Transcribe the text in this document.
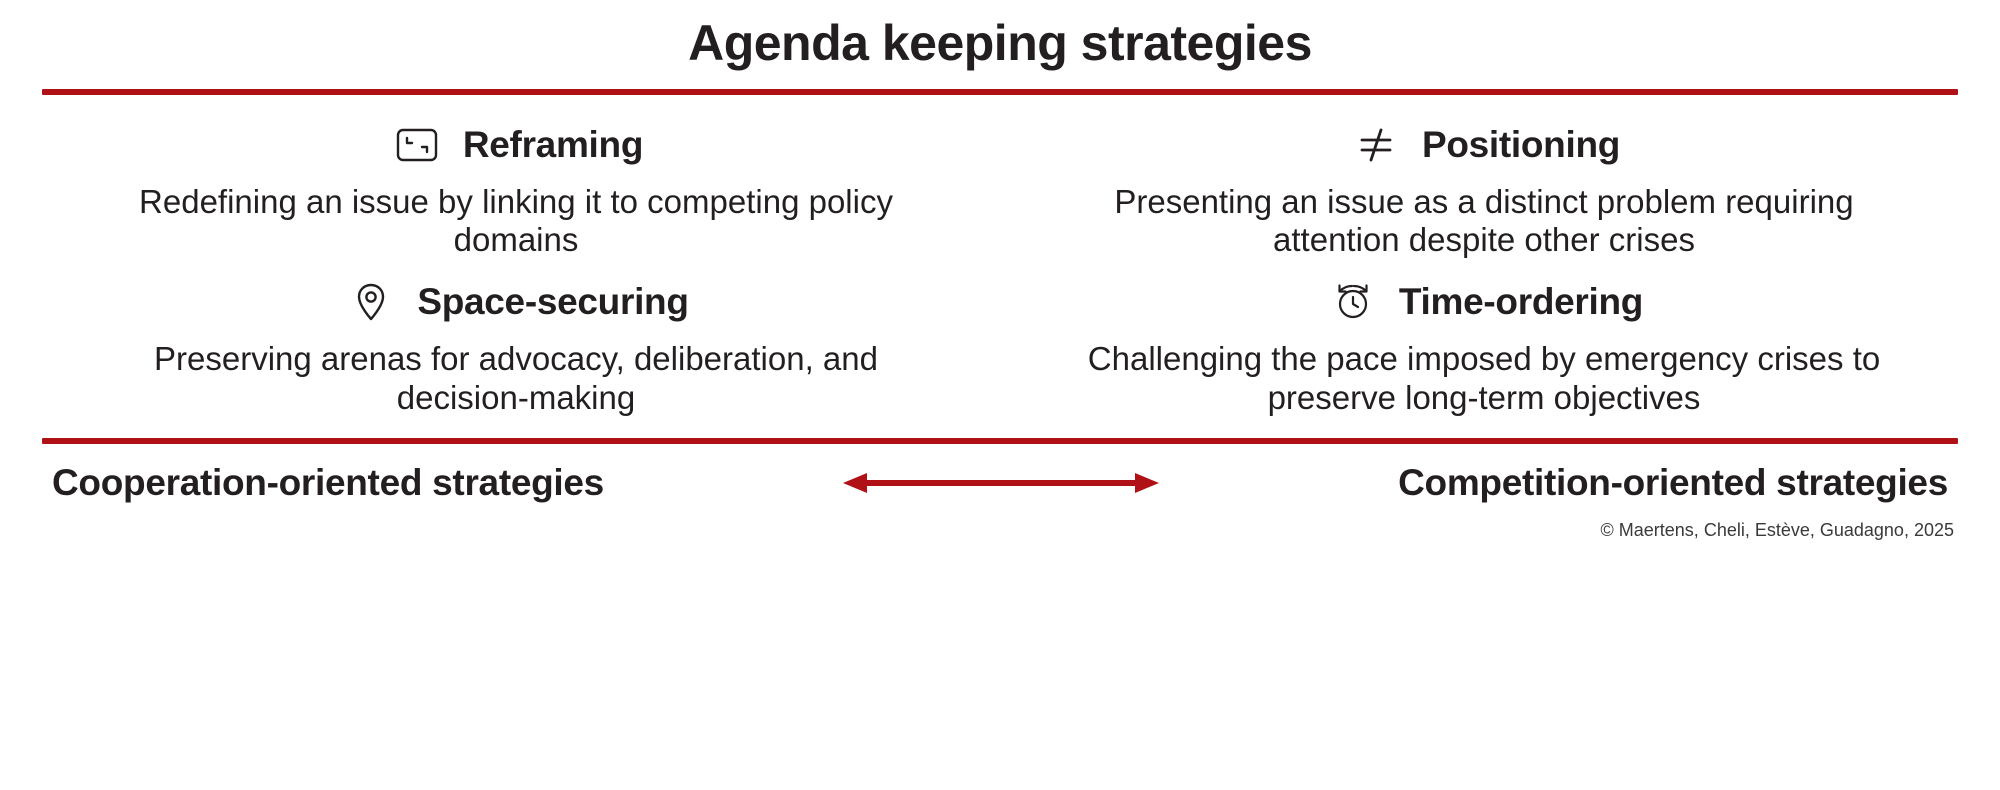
Agenda keeping strategies
Reframing
Redefining an issue by linking it to competing policy domains
Positioning
Presenting an issue as a distinct problem requiring attention despite other crises
Space-securing
Preserving arenas for advocacy, deliberation, and decision-making
Time-ordering
Challenging the pace imposed by emergency crises to preserve long-term objectives
Cooperation-oriented strategies	Competition-oriented strategies
© Maertens, Cheli, Estève, Guadagno, 2025
